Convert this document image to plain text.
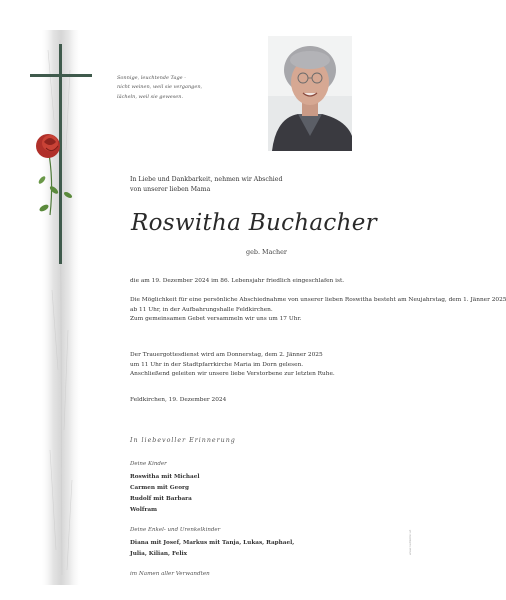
Sonnige, leuchtende Tage -
nicht weinen, weil sie vergangen,
lächeln, weil sie gewesen.
In Liebe und Dankbarkeit, nehmen wir Abschied
von unserer lieben Mama
Roswitha Buchacher
geb. Macher
die am 19. Dezember 2024 im 86. Lebensjahr friedlich eingeschlafen ist.
Die Möglichkeit für eine persönliche Abschiednahme von unserer lieben Roswitha besteht am Neujahrstag, dem 1. Jänner 2025
ab 11 Uhr, in der Aufbahrungshalle Feldkirchen.
Zum gemeinsamen Gebet versammeln wir uns um 17 Uhr.
Der Trauergottesdienst wird am Donnerstag, dem 2. Jänner 2025
um 11 Uhr in der Stadtpfarrkirche Maria im Dorn gelesen.
Anschließend geleiten wir unsere liebe Verstorbene zur letzten Ruhe.
Feldkirchen, 19. Dezember 2024
In liebevoller Erinnerung
Deine Kinder
Roswitha mit Michael
Carmen mit Georg
Rudolf mit Barbara
Wolfram
Deine Enkel- und Urenkelkinder
Diana mit Josef, Markus mit Tanja, Lukas, Raphael,
Julia, Kilian, Felix
im Namen aller Verwandten
www.radlkofer.at
